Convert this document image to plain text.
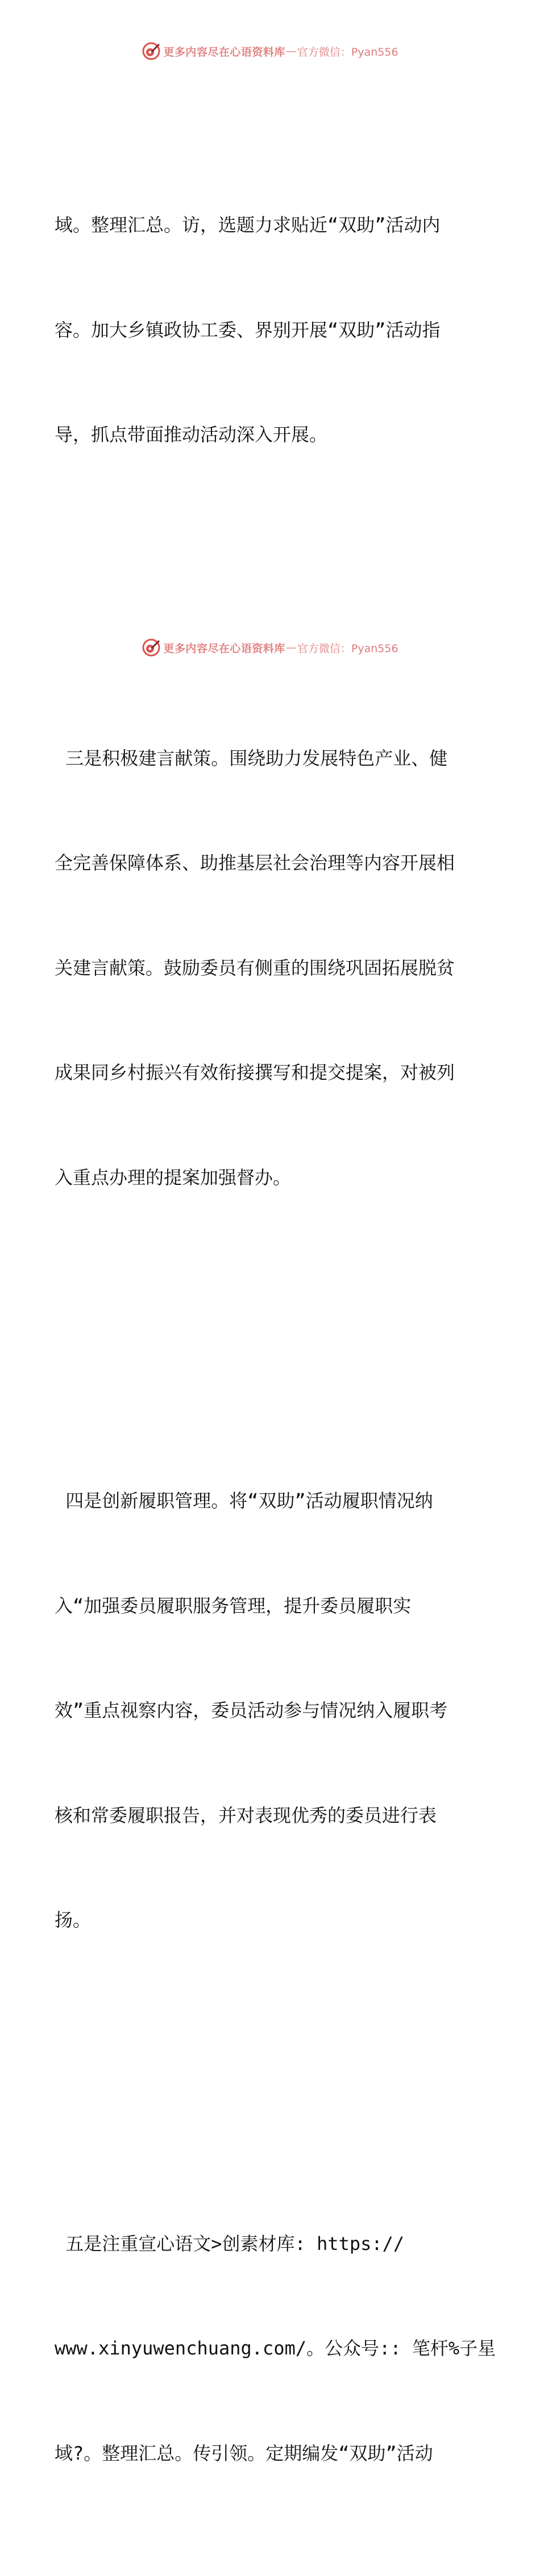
更多内容尽在心语资料库 — 官方微信：Pyan556

域。整理汇总。访，选题力求贴近“双助”活动内

容。加大乡镇政协工委、界别开展“双助”活动指

导，抓点带面推动活动深入开展。

三是积极建言献策。围绕助力发展特色产业、健

全完善保障体系、助推基层社会治理等内容开展相

关建言献策。鼓励委员有侧重的围绕巩固拓展脱贫

成果同乡村振兴有效衔接撰写和提交提案，对被列

入重点办理的提案加强督办。

四是创新履职管理。将“双助”活动履职情况纳

入“加强委员履职服务管理，提升委员履职实

效”重点视察内容，委员活动参与情况纳入履职考

核和常委履职报告，并对表现优秀的委员进行表

扬。

五是注重宣心语文>创素材库: https://

www.xinyuwenchuang.com/。公众号:: 笔杆%子星

域?。整理汇总。传引领。定期编发“双助”活动

更多内容尽在心语资料库 — 官方微信：Pyan556
